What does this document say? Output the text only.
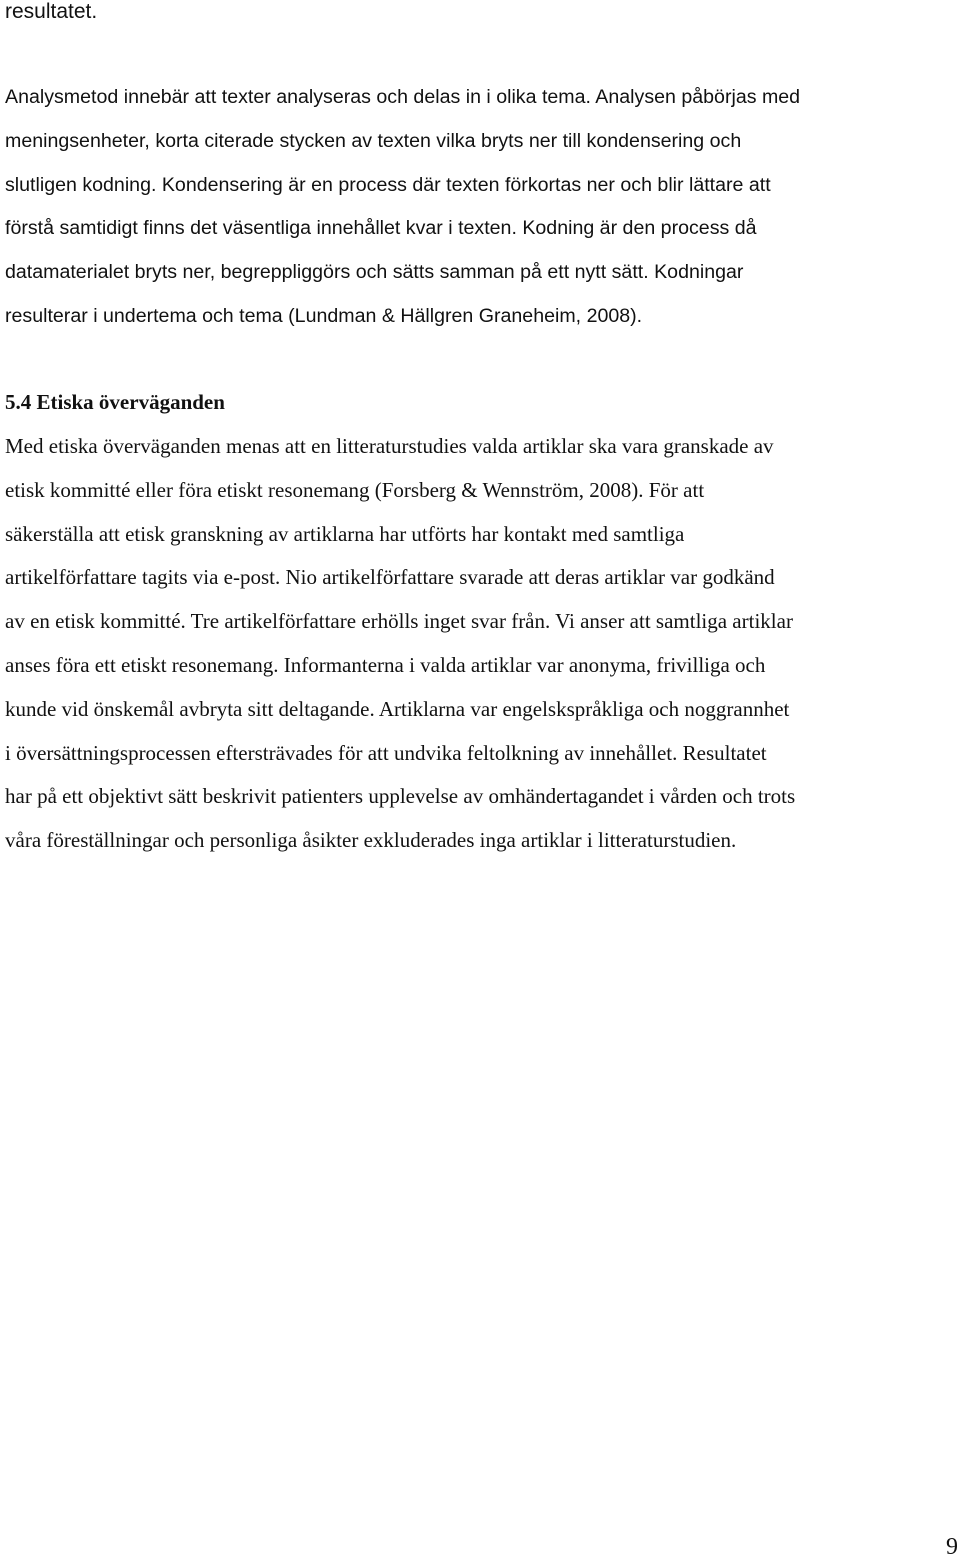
resultatet.
Analysmetod innebär att texter analyseras och delas in i olika tema. Analysen påbörjas med
meningsenheter, korta citerade stycken av texten vilka bryts ner till kondensering och
slutligen kodning. Kondensering är en process där texten förkortas ner och blir lättare att
förstå samtidigt finns det väsentliga innehållet kvar i texten. Kodning är den process då
datamaterialet bryts ner, begreppliggörs och sätts samman på ett nytt sätt. Kodningar
resulterar i undertema och tema (Lundman & Hällgren Graneheim, 2008).
5.4 Etiska överväganden
Med etiska överväganden menas att en litteraturstudies valda artiklar ska vara granskade av
etisk kommitté eller föra etiskt resonemang (Forsberg & Wennström, 2008). För att
säkerställa att etisk granskning av artiklarna har utförts har kontakt med samtliga
artikelförfattare tagits via e-post. Nio artikelförfattare svarade att deras artiklar var godkänd
av en etisk kommitté. Tre artikelförfattare erhölls inget svar från. Vi anser att samtliga artiklar
anses föra ett etiskt resonemang. Informanterna i valda artiklar var anonyma, frivilliga och
kunde vid önskemål avbryta sitt deltagande. Artiklarna var engelskspråkliga och noggrannhet
i översättningsprocessen eftersträvades för att undvika feltolkning av innehållet. Resultatet
har på ett objektivt sätt beskrivit patienters upplevelse av omhändertagandet i vården och trots
våra föreställningar och personliga åsikter exkluderades inga artiklar i litteraturstudien.
9
